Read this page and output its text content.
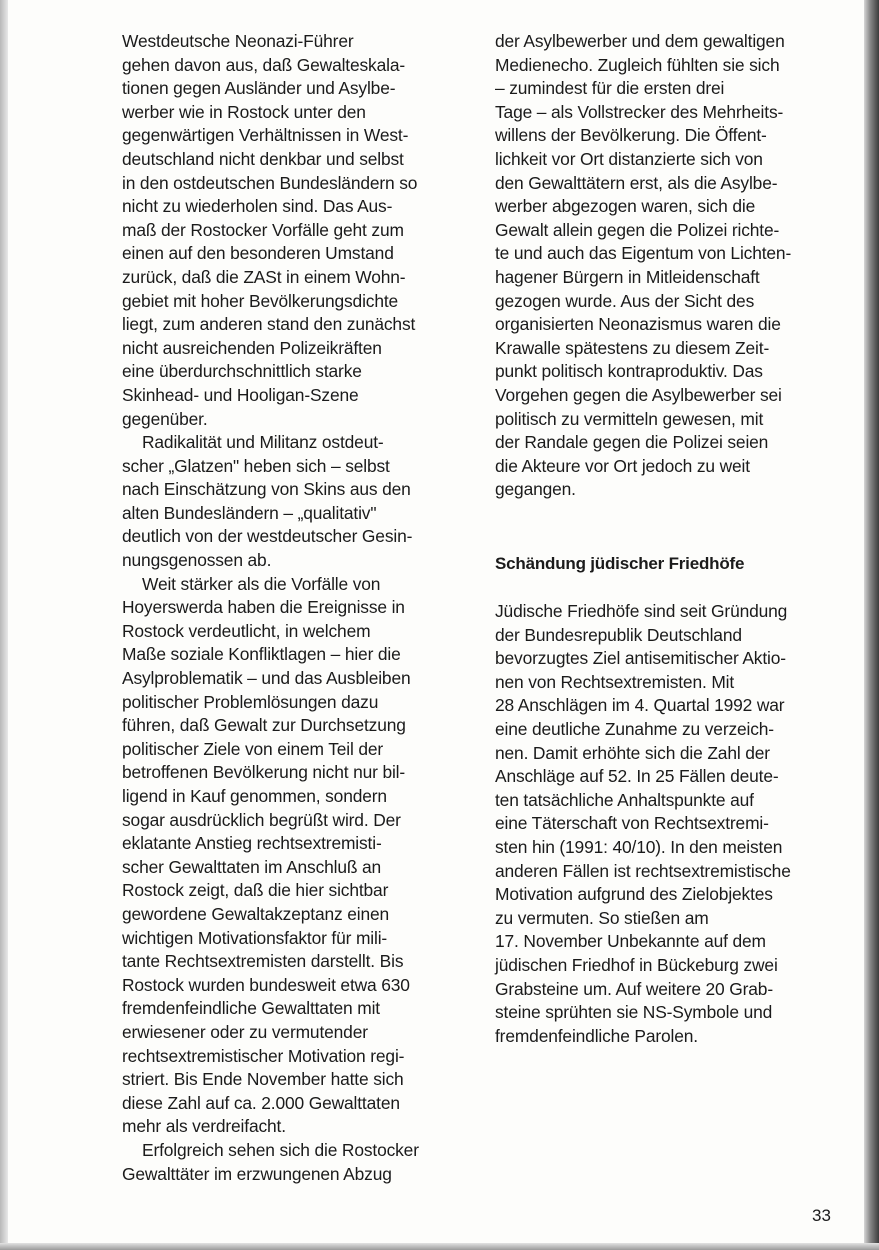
Westdeutsche Neonazi-Führer
gehen davon aus, daß Gewalteskala-
tionen gegen Ausländer und Asylbe-
werber wie in Rostock unter den
gegenwärtigen Verhältnissen in West-
deutschland nicht denkbar und selbst
in den ostdeutschen Bundesländern so
nicht zu wiederholen sind. Das Aus-
maß der Rostocker Vorfälle geht zum
einen auf den besonderen Umstand
zurück, daß die ZASt in einem Wohn-
gebiet mit hoher Bevölkerungsdichte
liegt, zum anderen stand den zunächst
nicht ausreichenden Polizeikräften
eine überdurchschnittlich starke
Skinhead- und Hooligan-Szene
gegenüber.

Radikalität und Militanz ostdeut-
scher „Glatzen" heben sich – selbst
nach Einschätzung von Skins aus den
alten Bundesländern – „qualitativ"
deutlich von der westdeutscher Gesin-
nungsgenossen ab.

Weit stärker als die Vorfälle von
Hoyerswerda haben die Ereignisse in
Rostock verdeutlicht, in welchem
Maße soziale Konfliktlagen – hier die
Asylproblematik – und das Ausbleiben
politischer Problemlösungen dazu
führen, daß Gewalt zur Durchsetzung
politischer Ziele von einem Teil der
betroffenen Bevölkerung nicht nur bil-
ligend in Kauf genommen, sondern
sogar ausdrücklich begrüßt wird. Der
eklatante Anstieg rechtsextremisti-
scher Gewalttaten im Anschluß an
Rostock zeigt, daß die hier sichtbar
gewordene Gewaltakzeptanz einen
wichtigen Motivationsfaktor für mili-
tante Rechtsextremisten darstellt. Bis
Rostock wurden bundesweit etwa 630
fremdenfeindliche Gewalttaten mit
erwiesener oder zu vermutender
rechtsextremistischer Motivation regi-
striert. Bis Ende November hatte sich
diese Zahl auf ca. 2.000 Gewalttaten
mehr als verdreifacht.

Erfolgreich sehen sich die Rostocker
Gewalttäter im erzwungenen Abzug

der Asylbewerber und dem gewaltigen
Medienecho. Zugleich fühlten sie sich
– zumindest für die ersten drei
Tage – als Vollstrecker des Mehrheits-
willens der Bevölkerung. Die Öffent-
lichkeit vor Ort distanzierte sich von
den Gewalttätern erst, als die Asylbe-
werber abgezogen waren, sich die
Gewalt allein gegen die Polizei richte-
te und auch das Eigentum von Lichten-
hagener Bürgern in Mitleidenschaft
gezogen wurde. Aus der Sicht des
organisierten Neonazismus waren die
Krawalle spätestens zu diesem Zeit-
punkt politisch kontraproduktiv. Das
Vorgehen gegen die Asylbewerber sei
politisch zu vermitteln gewesen, mit
der Randale gegen die Polizei seien
die Akteure vor Ort jedoch zu weit
gegangen.

Schändung jüdischer Friedhöfe

Jüdische Friedhöfe sind seit Gründung
der Bundesrepublik Deutschland
bevorzugtes Ziel antisemitischer Aktio-
nen von Rechtsextremisten. Mit
28 Anschlägen im 4. Quartal 1992 war
eine deutliche Zunahme zu verzeich-
nen. Damit erhöhte sich die Zahl der
Anschläge auf 52. In 25 Fällen deute-
ten tatsächliche Anhaltspunkte auf
eine Täterschaft von Rechtsextremi-
sten hin (1991: 40/10). In den meisten
anderen Fällen ist rechtsextremistische
Motivation aufgrund des Zielobjektes
zu vermuten. So stießen am
17. November Unbekannte auf dem
jüdischen Friedhof in Bückeburg zwei
Grabsteine um. Auf weitere 20 Grab-
steine sprühten sie NS-Symbole und
fremdenfeindliche Parolen.

33
